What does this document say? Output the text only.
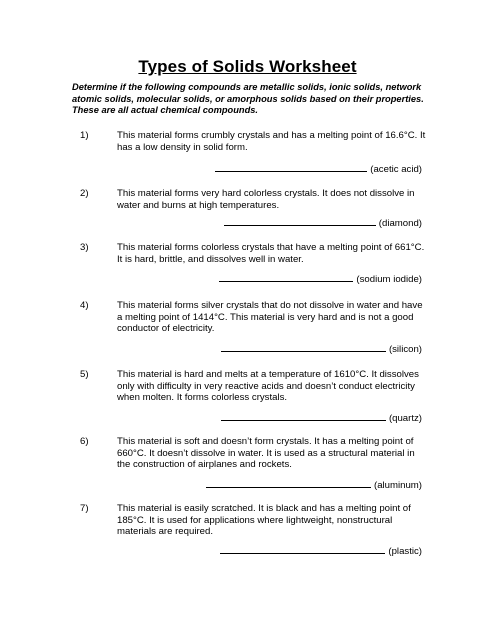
Types of Solids Worksheet
Determine if the following compounds are metallic solids, ionic solids, network atomic solids, molecular solids, or amorphous solids based on their properties. These are all actual chemical compounds.
1)	This material forms crumbly crystals and has a melting point of 16.6°C. It has a low density in solid form.
(acetic acid)
2)	This material forms very hard colorless crystals. It does not dissolve in water and burns at high temperatures.
(diamond)
3)	This material forms colorless crystals that have a melting point of 661°C. It is hard, brittle, and dissolves well in water.
(sodium iodide)
4)	This material forms silver crystals that do not dissolve in water and have a melting point of 1414°C. This material is very hard and is not a good conductor of electricity.
(silicon)
5)	This material is hard and melts at a temperature of 1610°C. It dissolves only with difficulty in very reactive acids and doesn’t conduct electricity when molten. It forms colorless crystals.
(quartz)
6)	This material is soft and doesn’t form crystals. It has a melting point of 660°C. It doesn’t dissolve in water. It is used as a structural material in the construction of airplanes and rockets.
(aluminum)
7)	This material is easily scratched. It is black and has a melting point of 185°C. It is used for applications where lightweight, nonstructural materials are required.
(plastic)
